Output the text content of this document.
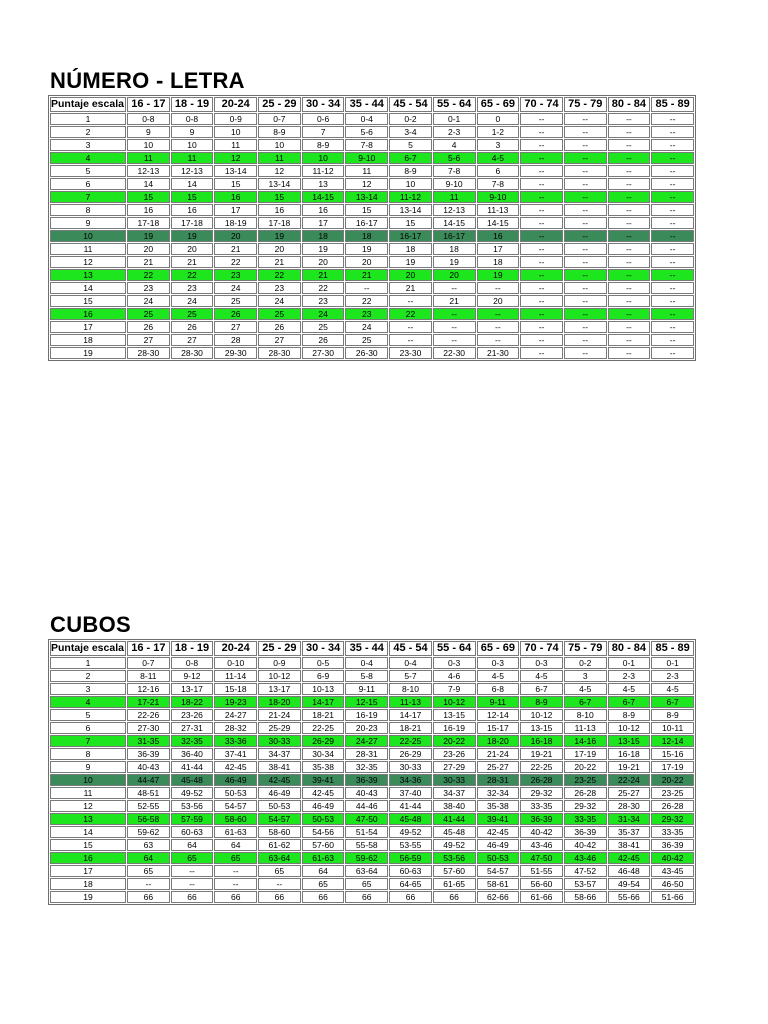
NÚMERO - LETRA
Puntaje escala	16 - 17	18 - 19	20-24	25 - 29	30 - 34	35 - 44	45 - 54	55 - 64	65 - 69	70 - 74	75 - 79	80 - 84	85 - 89
1	0-8	0-8	0-9	0-7	0-6	0-4	0-2	0-1	0	--	--	--	--
2	9	9	10	8-9	7	5-6	3-4	2-3	1-2	--	--	--	--
3	10	10	11	10	8-9	7-8	5	4	3	--	--	--	--
4	11	11	12	11	10	9-10	6-7	5-6	4-5	--	--	--	--
5	12-13	12-13	13-14	12	11-12	11	8-9	7-8	6	--	--	--	--
6	14	14	15	13-14	13	12	10	9-10	7-8	--	--	--	--
7	15	15	16	15	14-15	13-14	11-12	11	9-10	--	--	--	--
8	16	16	17	16	16	15	13-14	12-13	11-13	--	--	--	--
9	17-18	17-18	18-19	17-18	17	16-17	15	14-15	14-15	--	--	--	--
10	19	19	20	19	18	18	16-17	16-17	16	--	--	--	--
11	20	20	21	20	19	19	18	18	17	--	--	--	--
12	21	21	22	21	20	20	19	19	18	--	--	--	--
13	22	22	23	22	21	21	20	20	19	--	--	--	--
14	23	23	24	23	22	--	21	--	--	--	--	--	--
15	24	24	25	24	23	22	--	21	20	--	--	--	--
16	25	25	26	25	24	23	22	--	--	--	--	--	--
17	26	26	27	26	25	24	--	--	--	--	--	--	--
18	27	27	28	27	26	25	--	--	--	--	--	--	--
19	28-30	28-30	29-30	28-30	27-30	26-30	23-30	22-30	21-30	--	--	--	--
CUBOS
Puntaje escala	16 - 17	18 - 19	20-24	25 - 29	30 - 34	35 - 44	45 - 54	55 - 64	65 - 69	70 - 74	75 - 79	80 - 84	85 - 89
1	0-7	0-8	0-10	0-9	0-5	0-4	0-4	0-3	0-3	0-3	0-2	0-1	0-1
2	8-11	9-12	11-14	10-12	6-9	5-8	5-7	4-6	4-5	4-5	3	2-3	2-3
3	12-16	13-17	15-18	13-17	10-13	9-11	8-10	7-9	6-8	6-7	4-5	4-5	4-5
4	17-21	18-22	19-23	18-20	14-17	12-15	11-13	10-12	9-11	8-9	6-7	6-7	6-7
5	22-26	23-26	24-27	21-24	18-21	16-19	14-17	13-15	12-14	10-12	8-10	8-9	8-9
6	27-30	27-31	28-32	25-29	22-25	20-23	18-21	16-19	15-17	13-15	11-13	10-12	10-11
7	31-35	32-35	33-36	30-33	26-29	24-27	22-25	20-22	18-20	16-18	14-16	13-15	12-14
8	36-39	36-40	37-41	34-37	30-34	28-31	26-29	23-26	21-24	19-21	17-19	16-18	15-16
9	40-43	41-44	42-45	38-41	35-38	32-35	30-33	27-29	25-27	22-25	20-22	19-21	17-19
10	44-47	45-48	46-49	42-45	39-41	36-39	34-36	30-33	28-31	26-28	23-25	22-24	20-22
11	48-51	49-52	50-53	46-49	42-45	40-43	37-40	34-37	32-34	29-32	26-28	25-27	23-25
12	52-55	53-56	54-57	50-53	46-49	44-46	41-44	38-40	35-38	33-35	29-32	28-30	26-28
13	56-58	57-59	58-60	54-57	50-53	47-50	45-48	41-44	39-41	36-39	33-35	31-34	29-32
14	59-62	60-63	61-63	58-60	54-56	51-54	49-52	45-48	42-45	40-42	36-39	35-37	33-35
15	63	64	64	61-62	57-60	55-58	53-55	49-52	46-49	43-46	40-42	38-41	36-39
16	64	65	65	63-64	61-63	59-62	56-59	53-56	50-53	47-50	43-46	42-45	40-42
17	65	--	--	65	64	63-64	60-63	57-60	54-57	51-55	47-52	46-48	43-45
18	--	--	--	--	65	65	64-65	61-65	58-61	56-60	53-57	49-54	46-50
19	66	66	66	66	66	66	66	66	62-66	61-66	58-66	55-66	51-66
